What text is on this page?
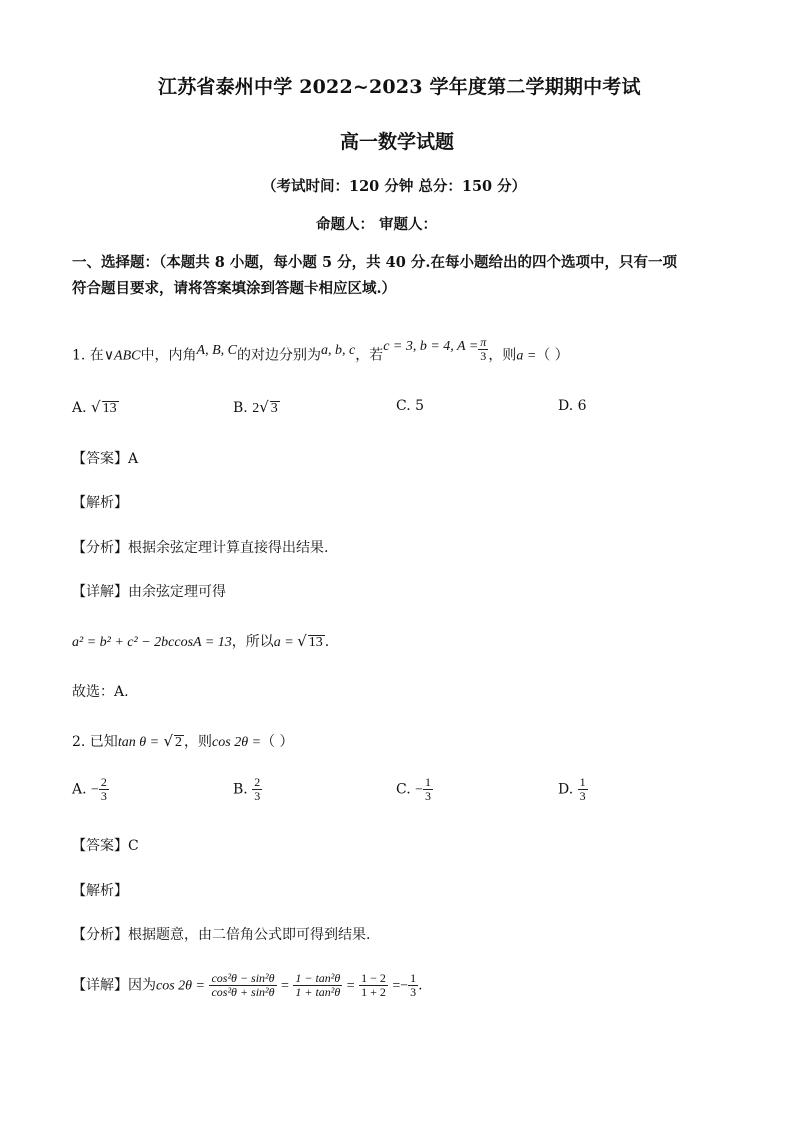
江苏省泰州中学 2022~2023 学年度第二学期期中考试
高一数学试题
（考试时间：120 分钟 总分：150 分）
命题人： 审题人：
一、选择题：（本题共 8 小题，每小题 5 分，共 40 分.在每小题给出的四个选项中，只有一项
符合题目要求，请将答案填涂到答题卡相应区域.）
1. 在∨ABC中，内角A, B, C的对边分别为a, b, c，若c = 3, b = 4, $A = \frac{\pi}{3}$ ，则a =（ ）
A. √ 13	B. 2√ 3	C. 5	D. 6
【答案】A
【解析】
【分析】根据余弦定理计算直接得出结果.
【详解】由余弦定理可得
a² = b² + c² − 2bccosA = 13，所以a = √ 13 .
故选：A.
2. 已知tan θ = √ 2 ，则cos 2θ =（ ）
A. − $\frac{2}{3}$	B. $\frac{2}{3}$	C. − $\frac{1}{3}$	D. $\frac{1}{3}$
【答案】C
【解析】
【分析】根据题意，由二倍角公式即可得到结果.
【详解】因为$\cos 2\theta = \frac{\text{cos²θ − sin²θ}}{\text{cos²θ + sin²θ}} = \frac{\text{1 − tan²θ}}{\text{1 + tan²θ}} = \frac{1 - 2}{1 + 2} =- \frac{1}{3}$ .
